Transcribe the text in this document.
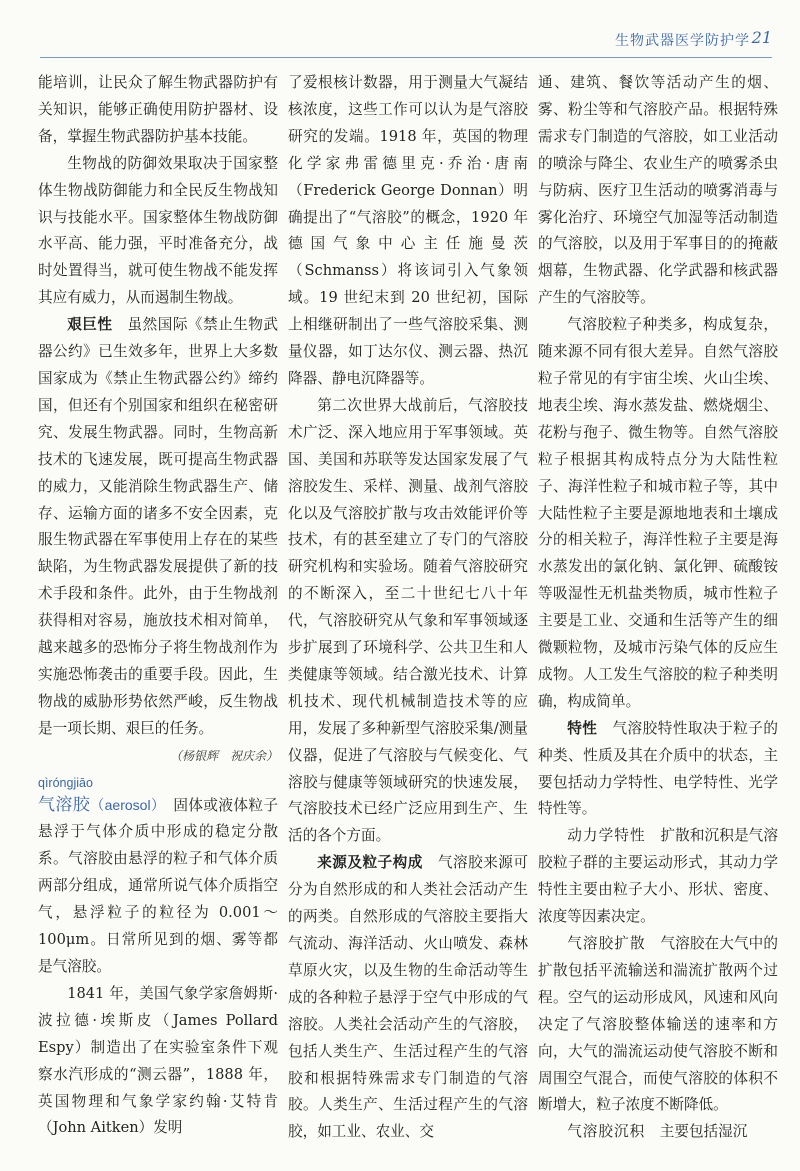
生物武器医学防护学 21

能培训，让民众了解生物武器防护有关知识，能够正确使用防护器材、设备，掌握生物武器防护基本技能。

生物战的防御效果取决于国家整体生物战防御能力和全民反生物战知识与技能水平。国家整体生物战防御水平高、能力强，平时准备充分，战时处置得当，就可使生物战不能发挥其应有威力，从而遏制生物战。

艰巨性　虽然国际《禁止生物武器公约》已生效多年，世界上大多数国家成为《禁止生物武器公约》缔约国，但还有个别国家和组织在秘密研究、发展生物武器。同时，生物高新技术的飞速发展，既可提高生物武器的威力，又能消除生物武器生产、储存、运输方面的诸多不安全因素，克服生物武器在军事使用上存在的某些缺陷，为生物武器发展提供了新的技术手段和条件。此外，由于生物战剂获得相对容易，施放技术相对简单，越来越多的恐怖分子将生物战剂作为实施恐怖袭击的重要手段。因此，生物战的威胁形势依然严峻，反生物战是一项长期、艰巨的任务。

（杨银辉　祝庆余）

qìróngjiāo

气溶胶（aerosol）　固体或液体粒子悬浮于气体介质中形成的稳定分散系。气溶胶由悬浮的粒子和气体介质两部分组成，通常所说气体介质指空气，悬浮粒子的粒径为 0.001～100μm。日常所见到的烟、雾等都是气溶胶。

1841 年，美国气象学家詹姆斯·波拉德·埃斯皮（James Pollard Espy）制造出了在实验室条件下观察水汽形成的“测云器”，1888 年，英国物理和气象学家约翰·艾特肯（John Aitken）发明

了爱根核计数器，用于测量大气凝结核浓度，这些工作可以认为是气溶胶研究的发端。1918 年，英国的物理化学家弗雷德里克·乔治·唐南（Frederick George Donnan）明确提出了“气溶胶”的概念，1920 年德国气象中心主任施曼茨（Schmanss）将该词引入气象领域。19 世纪末到 20 世纪初，国际上相继研制出了一些气溶胶采集、测量仪器，如丁达尔仪、测云器、热沉降器、静电沉降器等。

第二次世界大战前后，气溶胶技术广泛、深入地应用于军事领域。英国、美国和苏联等发达国家发展了气溶胶发生、采样、测量、战剂气溶胶化以及气溶胶扩散与攻击效能评价等技术，有的甚至建立了专门的气溶胶研究机构和实验场。随着气溶胶研究的不断深入，至二十世纪七八十年代，气溶胶研究从气象和军事领域逐步扩展到了环境科学、公共卫生和人类健康等领域。结合激光技术、计算机技术、现代机械制造技术等的应用，发展了多种新型气溶胶采集/测量仪器，促进了气溶胶与气候变化、气溶胶与健康等领域研究的快速发展，气溶胶技术已经广泛应用到生产、生活的各个方面。

来源及粒子构成　气溶胶来源可分为自然形成的和人类社会活动产生的两类。自然形成的气溶胶主要指大气流动、海洋活动、火山喷发、森林草原火灾，以及生物的生命活动等生成的各种粒子悬浮于空气中形成的气溶胶。人类社会活动产生的气溶胶，包括人类生产、生活过程产生的气溶胶和根据特殊需求专门制造的气溶胶。人类生产、生活过程产生的气溶胶，如工业、农业、交

通、建筑、餐饮等活动产生的烟、雾、粉尘等和气溶胶产品。根据特殊需求专门制造的气溶胶，如工业活动的喷涂与降尘、农业生产的喷雾杀虫与防病、医疗卫生活动的喷雾消毒与雾化治疗、环境空气加湿等活动制造的气溶胶，以及用于军事目的的掩蔽烟幕，生物武器、化学武器和核武器产生的气溶胶等。

气溶胶粒子种类多，构成复杂，随来源不同有很大差异。自然气溶胶粒子常见的有宇宙尘埃、火山尘埃、地表尘埃、海水蒸发盐、燃烧烟尘、花粉与孢子、微生物等。自然气溶胶粒子根据其构成特点分为大陆性粒子、海洋性粒子和城市粒子等，其中大陆性粒子主要是源地地表和土壤成分的相关粒子，海洋性粒子主要是海水蒸发出的氯化钠、氯化钾、硫酸铵等吸湿性无机盐类物质，城市性粒子主要是工业、交通和生活等产生的细微颗粒物，及城市污染气体的反应生成物。人工发生气溶胶的粒子种类明确，构成简单。

特性　气溶胶特性取决于粒子的种类、性质及其在介质中的状态，主要包括动力学特性、电学特性、光学特性等。

动力学特性　扩散和沉积是气溶胶粒子群的主要运动形式，其动力学特性主要由粒子大小、形状、密度、浓度等因素决定。

气溶胶扩散　气溶胶在大气中的扩散包括平流输送和湍流扩散两个过程。空气的运动形成风，风速和风向决定了气溶胶整体输送的速率和方向，大气的湍流运动使气溶胶不断和周围空气混合，而使气溶胶的体积不断增大，粒子浓度不断降低。

气溶胶沉积　主要包括湿沉
